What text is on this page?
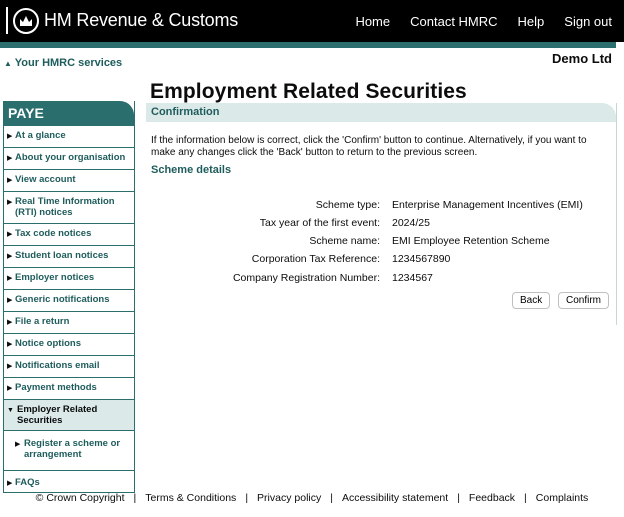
HM Revenue & Customs	Home Contact HMRC Help Sign out
▲ Your HMRC services	Demo Ltd
PAYE
▶ At a glance
▶ About your organisation
▶ View account
▶ Real Time Information (RTI) notices
▶ Tax code notices
▶ Student loan notices
▶ Employer notices
▶ Generic notifications
▶ File a return
▶ Notice options
▶ Notifications email
▶ Payment methods
▼ Employer Related Securities
▶ Register a scheme or arrangement
▶ FAQs
Employment Related Securities
Confirmation

If the information below is correct, click the 'Confirm' button to continue. Alternatively, if you want to make any changes click the 'Back' button to return to the previous screen.

Scheme details
Scheme type: Enterprise Management Incentives (EMI)
Tax year of the first event: 2024/25
Scheme name: EMI Employee Retention Scheme
Corporation Tax Reference: 1234567890
Company Registration Number: 1234567
Back	Confirm
© Crown Copyright | Terms & Conditions | Privacy policy | Accessibility statement | Feedback | Complaints
